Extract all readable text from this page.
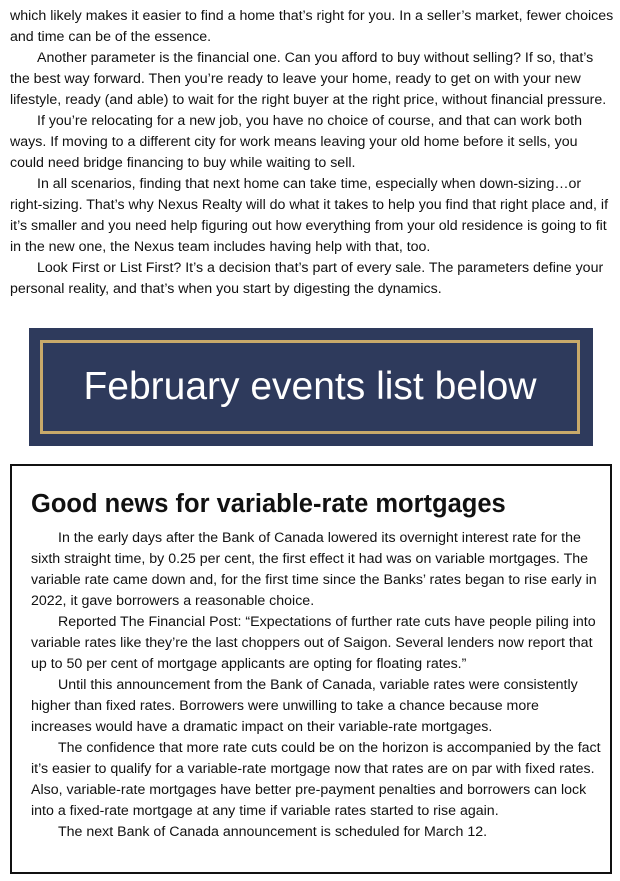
which likely makes it easier to find a home that’s right for you. In a seller’s market, fewer choices and time can be of the essence.

Another parameter is the financial one. Can you afford to buy without selling? If so, that’s the best way forward. Then you’re ready to leave your home, ready to get on with your new lifestyle, ready (and able) to wait for the right buyer at the right price, without financial pressure.

If you’re relocating for a new job, you have no choice of course, and that can work both ways. If moving to a different city for work means leaving your old home before it sells, you could need bridge financing to buy while waiting to sell.

In all scenarios, finding that next home can take time, especially when down-sizing…or right-sizing. That’s why Nexus Realty will do what it takes to help you find that right place and, if it’s smaller and you need help figuring out how everything from your old residence is going to fit in the new one, the Nexus team includes having help with that, too.

Look First or List First? It’s a decision that’s part of every sale. The parameters define your personal reality, and that’s when you start by digesting the dynamics.

February events list below
Good news for variable-rate mortgages

In the early days after the Bank of Canada lowered its overnight interest rate for the sixth straight time, by 0.25 per cent, the first effect it had was on variable mortgages. The variable rate came down and, for the first time since the Banks’ rates began to rise early in 2022, it gave borrowers a reasonable choice.

Reported The Financial Post: “Expectations of further rate cuts have people piling into variable rates like they’re the last choppers out of Saigon. Several lenders now report that up to 50 per cent of mortgage applicants are opting for floating rates.”

Until this announcement from the Bank of Canada, variable rates were consistently higher than fixed rates. Borrowers were unwilling to take a chance because more increases would have a dramatic impact on their variable-rate mortgages.

The confidence that more rate cuts could be on the horizon is accompanied by the fact it’s easier to qualify for a variable-rate mortgage now that rates are on par with fixed rates. Also, variable-rate mortgages have better pre-payment penalties and borrowers can lock into a fixed-rate mortgage at any time if variable rates started to rise again.

The next Bank of Canada announcement is scheduled for March 12.
